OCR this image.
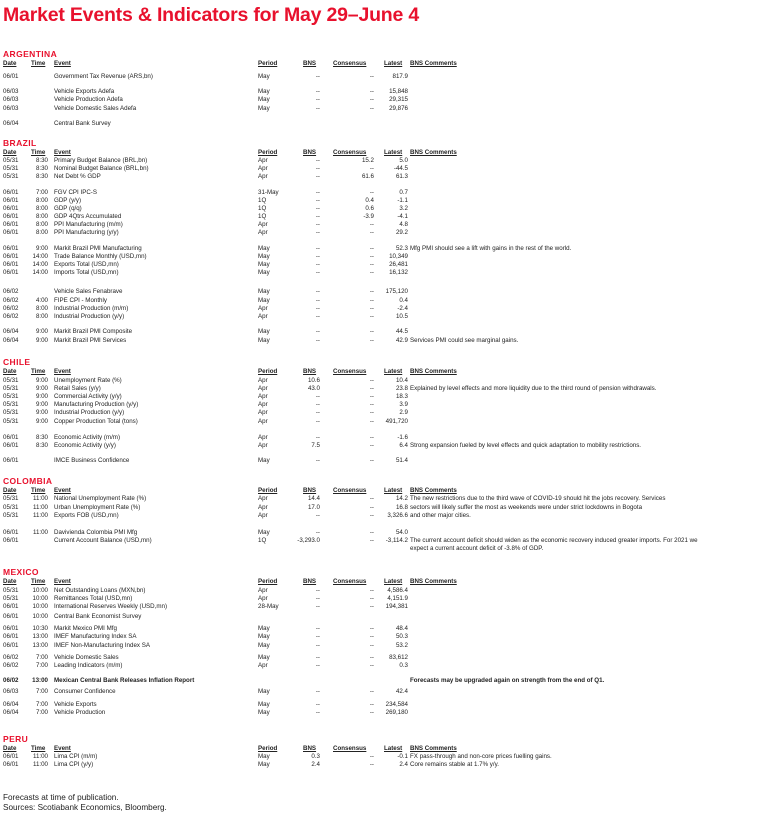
Market Events & Indicators for May 29–June 4
ARGENTINA
Date Time Event	Period	BNS	Consensus	Latest BNS Comments
06/01	Government Tax Revenue (ARS,bn)	May	--	--	817.9
06/03	Vehicle Exports Adefa	May	--	--	15,848
06/03	Vehicle Production Adefa	May	--	--	29,315
06/03	Vehicle Domestic Sales Adefa	May	--	--	29,876
06/04	Central Bank Survey
BRAZIL
Date Time Event	Period	BNS	Consensus	Latest BNS Comments
05/31	8:30 Primary Budget Balance (BRL,bn)	Apr	--	15.2	5.0
05/31	8:30 Nominal Budget Balance (BRL,bn)	Apr	--	--	-44.5
05/31	8:30 Net Debt % GDP	Apr	--	61.6	61.3
06/01	7:00 FGV CPI IPC-S	31-May	--	--	0.7
06/01	8:00 GDP (y/y)	1Q	--	0.4	-1.1
06/01	8:00 GDP (q/q)	1Q	--	0.6	3.2
06/01	8:00 GDP 4Qtrs Accumulated	1Q	--	-3.9	-4.1
06/01	8:00 PPI Manufacturing (m/m)	Apr	--	--	4.8
06/01	8:00 PPI Manufacturing (y/y)	Apr	--	--	29.2
06/01	9:00 Markit Brazil PMI Manufacturing	May	--	--	52.3 Mfg PMI should see a lift with gains in the rest of the world.
06/01 14:00 Trade Balance Monthly (USD,mn)	May	--	--	10,349
06/01 14:00 Exports Total (USD,mn)	May	--	--	26,481
06/01 14:00 Imports Total (USD,mn)	May	--	--	16,132
06/02	Vehicle Sales Fenabrave	May	--	--	175,120
06/02	4:00 FIPE CPI - Monthly	May	--	--	0.4
06/02	8:00 Industrial Production (m/m)	Apr	--	--	-2.4
06/02	8:00 Industrial Production (y/y)	Apr	--	--	10.5
06/04	9:00 Markit Brazil PMI Composite	May	--	--	44.5
06/04	9:00 Markit Brazil PMI Services	May	--	--	42.9 Services PMI could see marginal gains.
CHILE
Date Time Event	Period	BNS	Consensus	Latest BNS Comments
05/31	9:00 Unemployment Rate (%)	Apr	10.6	--	10.4
05/31	9:00 Retail Sales (y/y)	Apr	43.0	--	23.8 Explained by level effects and more liquidity due to the third round of pension withdrawals.
05/31	9:00 Commercial Activity (y/y)	Apr	--	--	18.3
05/31	9:00 Manufacturing Production (y/y)	Apr	--	--	3.9
05/31	9:00 Industrial Production (y/y)	Apr	--	--	2.9
05/31	9:00 Copper Production Total (tons)	Apr	--	--	491,720
06/01	8:30 Economic Activity (m/m)	Apr	--	--	-1.6
06/01	8:30 Economic Activity (y/y)	Apr	7.5	--	6.4 Strong expansion fueled by level effects and quick adaptation to mobility restrictions.
06/01	IMCE Business Confidence	May	--	--	51.4
COLOMBIA
Date Time Event	Period	BNS	Consensus	Latest BNS Comments
05/31	11:00 National Unemployment Rate (%)	Apr	14.4	--	14.2 The new restrictions due to the third wave of COVID-19 should hit the jobs recovery. Services
05/31	11:00 Urban Unemployment Rate (%)	Apr	17.0	--	16.8 sectors will likely suffer the most as weekends were under strict lockdowns in Bogota
05/31	11:00 Exports FOB (USD,mn)	Apr	--	--	3,326.6 and other major cities.
06/01	11:00 Davivienda Colombia PMI Mfg	May	--	--	54.0
06/01	Current Account Balance (USD,mn)	1Q	-3,293.0	--	-3,114.2 The current account deficit should widen as the economic recovery induced greater imports. For 2021 we
expect a current account deficit of -3.8% of GDP.
MEXICO
Date Time Event	Period	BNS	Consensus	Latest BNS Comments
05/31 10:00 Net Outstanding Loans (MXN,bn)	Apr	--	--	4,586.4
05/31 10:00 Remittances Total (USD,mn)	Apr	--	--	4,151.9
06/01 10:00 International Reserves Weekly (USD,mn)	28-May	--	--	194,381
06/01 10:00 Central Bank Economist Survey
06/01 10:30 Markit Mexico PMI Mfg	May	--	--	48.4
06/01 13:00 IMEF Manufacturing Index SA	May	--	--	50.3
06/01 13:00 IMEF Non-Manufacturing Index SA	May	--	--	53.2
06/02	7:00 Vehicle Domestic Sales	May	--	--	83,612
06/02	7:00 Leading Indicators (m/m)	Apr	--	--	0.3
06/02 13:00 Mexican Central Bank Releases Inflation Report	Forecasts may be upgraded again on strength from the end of Q1.
06/03	7:00 Consumer Confidence	May	--	--	42.4
06/04	7:00 Vehicle Exports	May	--	--	234,584
06/04	7:00 Vehicle Production	May	--	--	269,180
PERU
Date Time Event	Period	BNS	Consensus	Latest BNS Comments
06/01	11:00 Lima CPI (m/m)	May	0.3	--	-0.1 FX pass-through and non-core prices fuelling gains.
06/01	11:00 Lima CPI (y/y)	May	2.4	--	2.4 Core remains stable at 1.7% y/y.
Forecasts at time of publication.
Sources: Scotiabank Economics, Bloomberg.
